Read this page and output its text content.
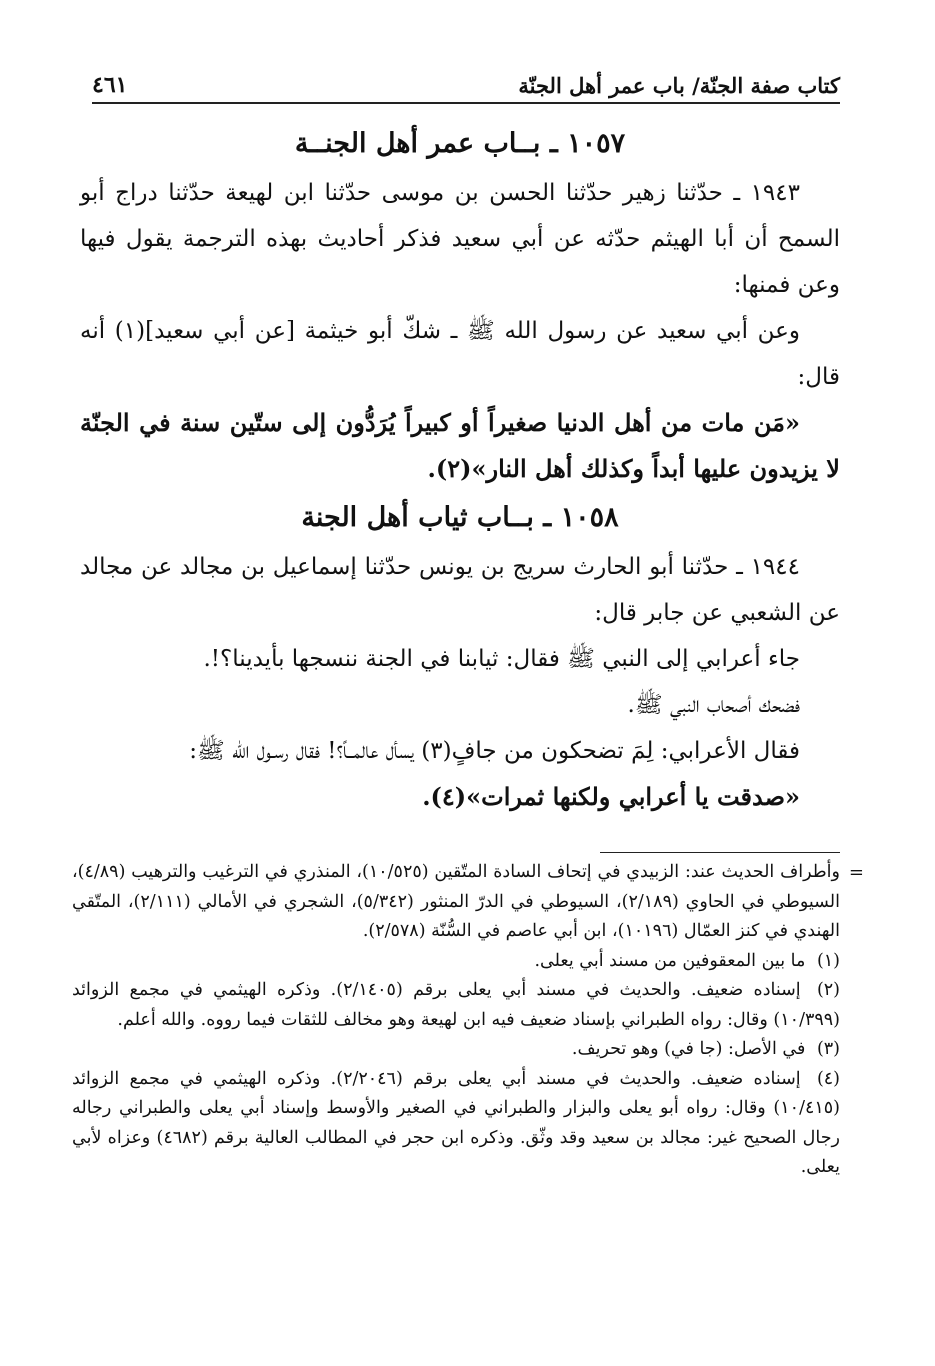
كتاب صفة الجنّة/ باب عمر أهل الجنّة
٤٦١
١٠٥٧ ـ بــاب عمر أهل الجنــة
١٩٤٣ ـ حدّثنا زهير حدّثنا الحسن بن موسى حدّثنا ابن لهيعة حدّثنا دراج أبو السمح أن أبا الهيثم حدّثه عن أبي سعيد فذكر أحاديث بهذه الترجمة يقول فيها وعن فمنها:
وعن أبي سعيد عن رسول الله ﷺ ـ شكّ أبو خيثمة [عن أبي سعيد](١) أنه قال:
«مَن مات من أهل الدنيا صغيراً أو كبيراً يُرَدُّون إلى ستّين سنة في الجنّة لا يزيدون عليها أبداً وكذلك أهل النار»(٢).
١٠٥٨ ـ بــاب ثياب أهل الجنة
١٩٤٤ ـ حدّثنا أبو الحارث سريج بن يونس حدّثنا إسماعيل بن مجالد عن مجالد عن الشعبي عن جابر قال:
جاء أعرابي إلى النبي ﷺ فقال: ثيابنا في الجنة ننسجها بأيدينا؟!.
فضحك أصحاب النبي ﷺ.
فقال الأعرابي: لِمَ تضحكون من جافٍ(٣) يسأل عالمــاً؟! فقال رسـول الله ﷺ:
«صدقت يا أعرابي ولكنها ثمرات»(٤).
=
وأطراف الحديث عند: الزبيدي في إتحاف السادة المتّقين (١٠/٥٢٥)، المنذري في الترغيب والترهيب (٤/٨٩)، السيوطي في الحاوي (٢/١٨٩)، السيوطي في الدرّ المنثور (٥/٣٤٢)، الشجري في الأمالي (٢/١١١)، المتّقي الهندي في كنز العمّال (١٠١٩٦)، ابن أبي عاصم في السُّنّة (٢/٥٧٨).
(١) ما بين المعقوفين من مسند أبي يعلى.
(٢) إسناده ضعيف. والحديث في مسند أبي يعلى برقم (٢/١٤٠٥). وذكره الهيثمي في مجمع الزوائد (١٠/٣٩٩) وقال: رواه الطبراني بإسناد ضعيف فيه ابن لهيعة وهو مخالف للثقات فيما رووه. والله أعلم.
(٣) في الأصل: (جا في) وهو تحريف.
(٤) إسناده ضعيف. والحديث في مسند أبي يعلى برقم (٢/٢٠٤٦). وذكره الهيثمي في مجمع الزوائد (١٠/٤١٥) وقال: رواه أبو يعلى والبزار والطبراني في الصغير والأوسط وإسناد أبي يعلى والطبراني رجاله رجال الصحيح غير: مجالد بن سعيد وقد وثّق. وذكره ابن حجر في المطالب العالية برقم (٤٦٨٢) وعزاه لأبي يعلى.
